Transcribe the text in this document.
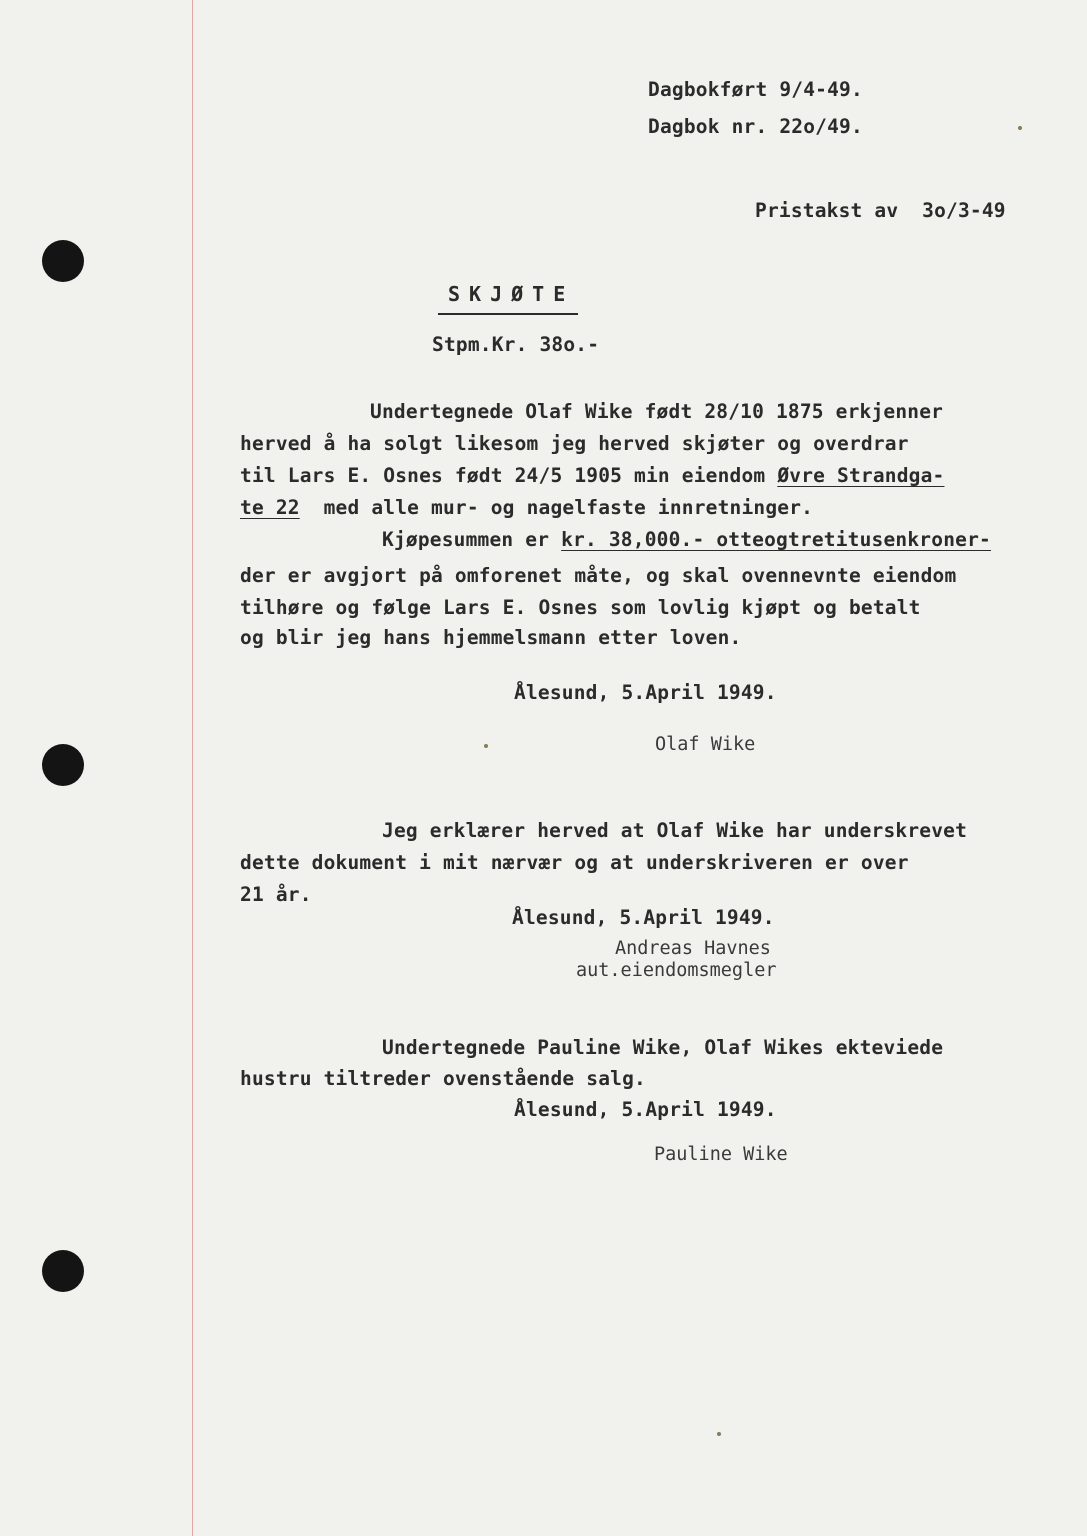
Dagbokført 9/4-49.
Dagbok nr. 22o/49.
Pristakst av  3o/3-49
SKJØTE
Stpm.Kr. 38o.-
Undertegnede Olaf Wike født 28/10 1875 erkjenner
herved å ha solgt likesom jeg herved skjøter og overdrar
til Lars E. Osnes født 24/5 1905 min eiendom Øvre Strandga-
te 22  med alle mur- og nagelfaste innretninger.
Kjøpesummen er kr. 38,000.- otteogtretitusenkroner-
der er avgjort på omforenet måte, og skal ovennevnte eiendom
tilhøre og følge Lars E. Osnes som lovlig kjøpt og betalt
og blir jeg hans hjemmelsmann etter loven.
Ålesund, 5.April 1949.
Olaf Wike
Jeg erklærer herved at Olaf Wike har underskrevet
dette dokument i mit nærvær og at underskriveren er over
21 år.
Ålesund, 5.April 1949.
Andreas Havnes
aut.eiendomsmegler
Undertegnede Pauline Wike, Olaf Wikes ekteviede
hustru tiltreder ovenstående salg.
Ålesund, 5.April 1949.
Pauline Wike
